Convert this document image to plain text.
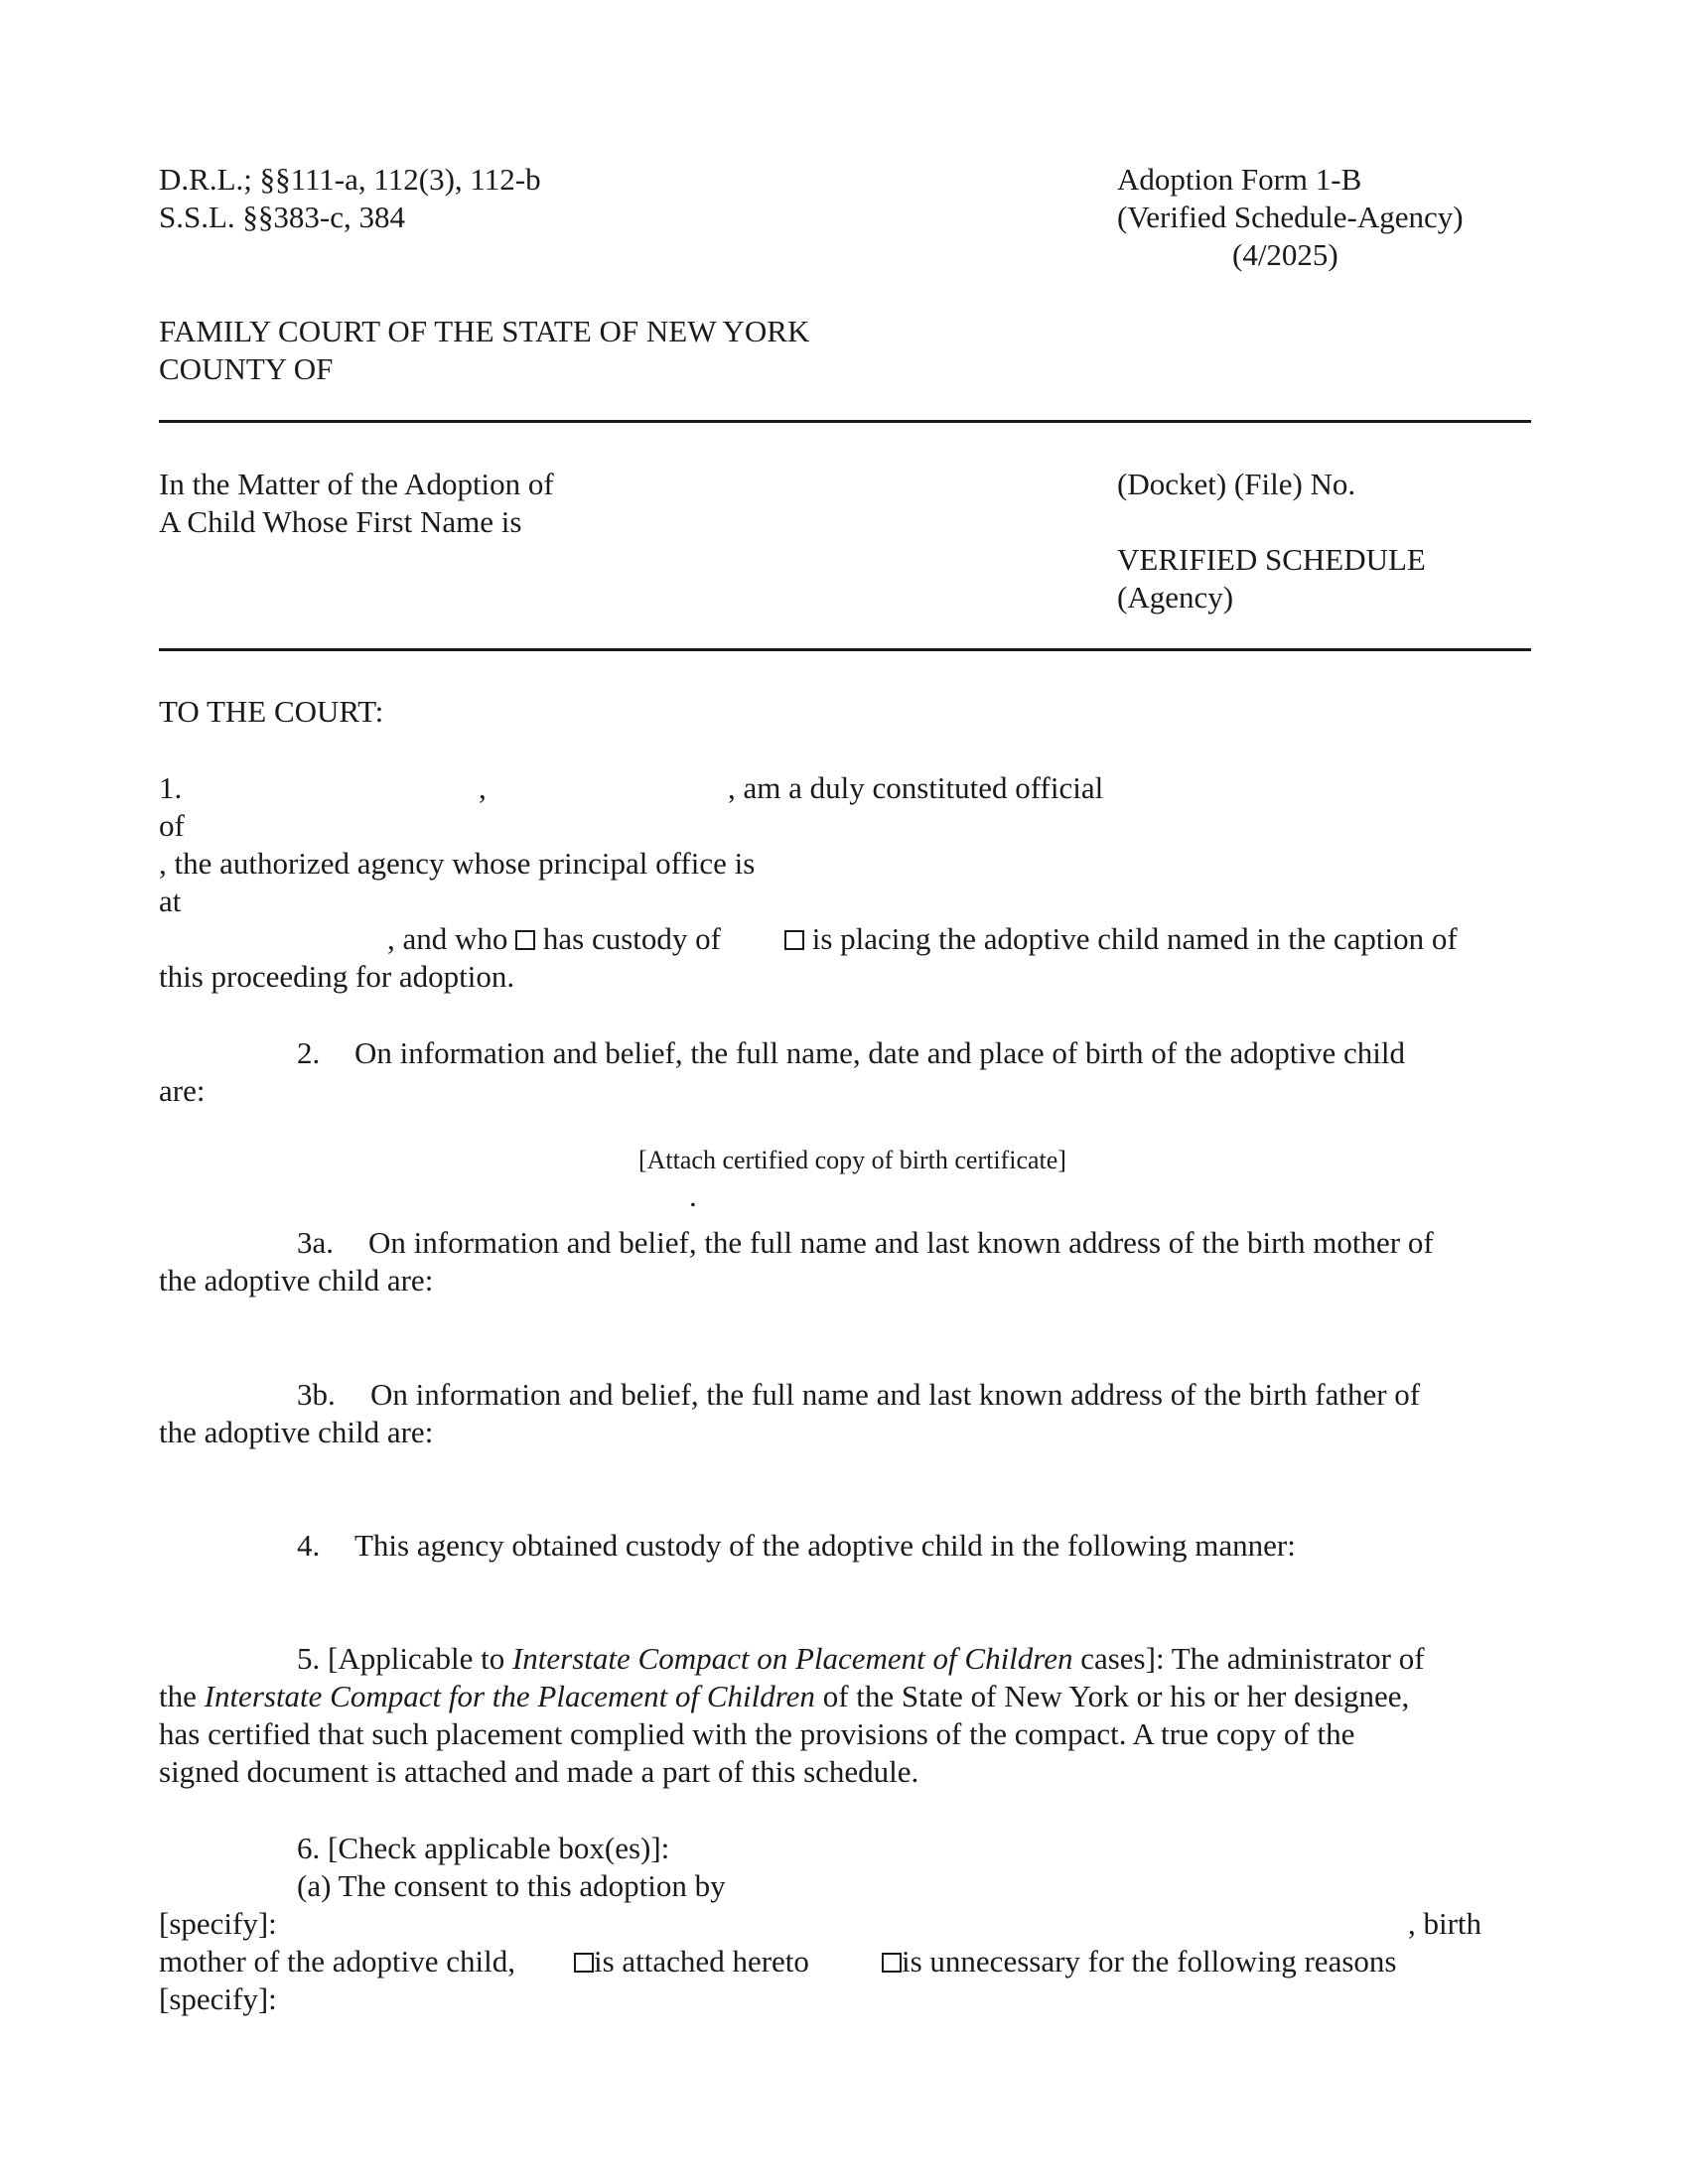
D.R.L.; §§111-a, 112(3), 112-b
S.S.L. §§383-c, 384
Adoption Form 1-B
(Verified Schedule-Agency)
(4/2025)
FAMILY COURT OF THE STATE OF NEW YORK
COUNTY OF
In the Matter of the Adoption of
A Child Whose First Name is
(Docket) (File) No.
VERIFIED SCHEDULE
(Agency)
TO THE COURT:
1.	,	, am a duly constituted official
of
, the authorized agency whose principal office is
at
, and who has custody of	is placing the adoptive child named in the caption of
this proceeding for adoption.
2. On information and belief, the full name, date and place of birth of the adoptive child
are:
[Attach certified copy of birth certificate]
.
3a. On information and belief, the full name and last known address of the birth mother of
the adoptive child are:
3b. On information and belief, the full name and last known address of the birth father of
the adoptive child are:
4. This agency obtained custody of the adoptive child in the following manner:
5. [Applicable to Interstate Compact on Placement of Children cases]: The administrator of
the Interstate Compact for the Placement of Children of the State of New York or his or her designee,
has certified that such placement complied with the provisions of the compact. A true copy of the
signed document is attached and made a part of this schedule.
6. [Check applicable box(es)]:
(a) The consent to this adoption by
[specify]:	, birth
mother of the adoptive child,	is attached hereto	is unnecessary for the following reasons
[specify]:
